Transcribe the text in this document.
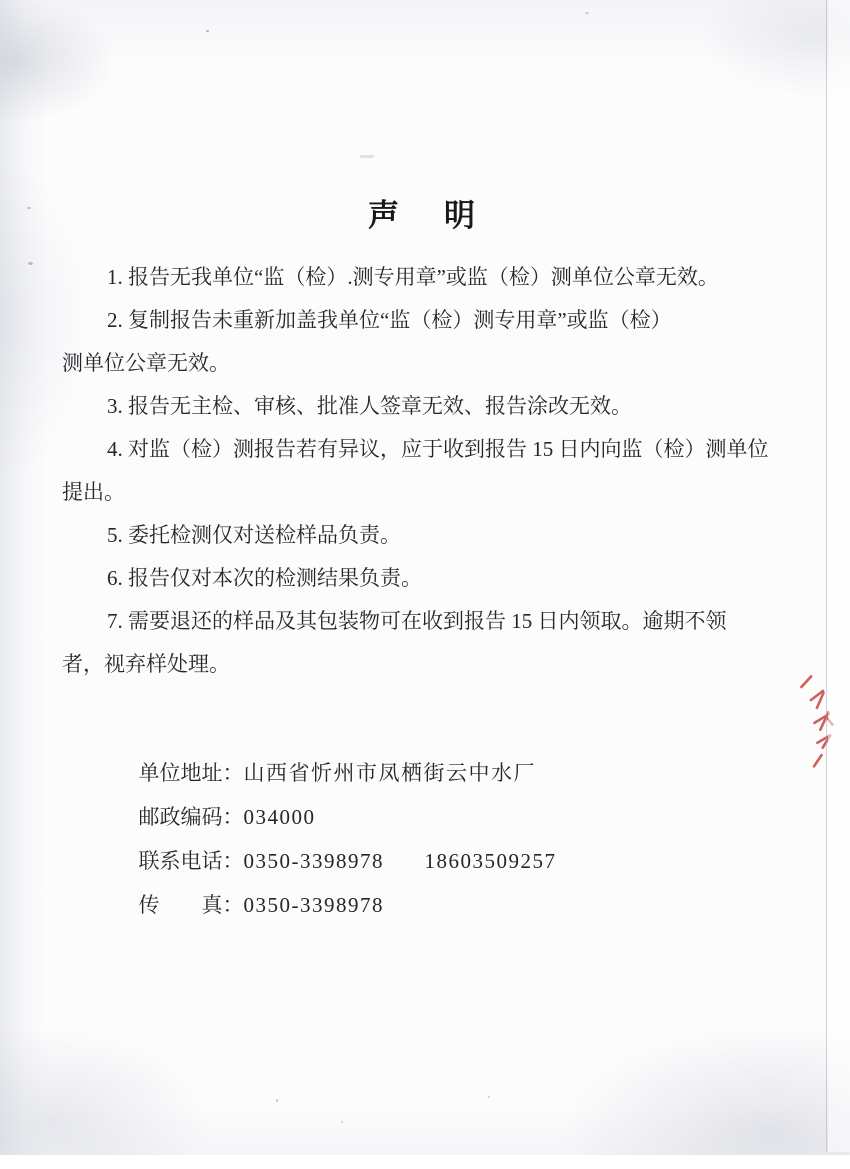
声　明
1. 报告无我单位“监（检）.测专用章”或监（检）测单位公章无效。
2. 复制报告未重新加盖我单位“监（检）测专用章”或监（检）
测单位公章无效。
3. 报告无主检、审核、批准人签章无效、报告涂改无效。
4. 对监（检）测报告若有异议，应于收到报告 15 日内向监（检）测单位
提出。
5. 委托检测仅对送检样品负责。
6. 报告仅对本次的检测结果负责。
7. 需要退还的样品及其包装物可在收到报告 15 日内领取。逾期不领
者，视弃样处理。

单位地址：山西省忻州市凤栖街云中水厂

邮政编码：034000

联系电话：0350-3398978      18603509257

传　　真：0350-3398978
